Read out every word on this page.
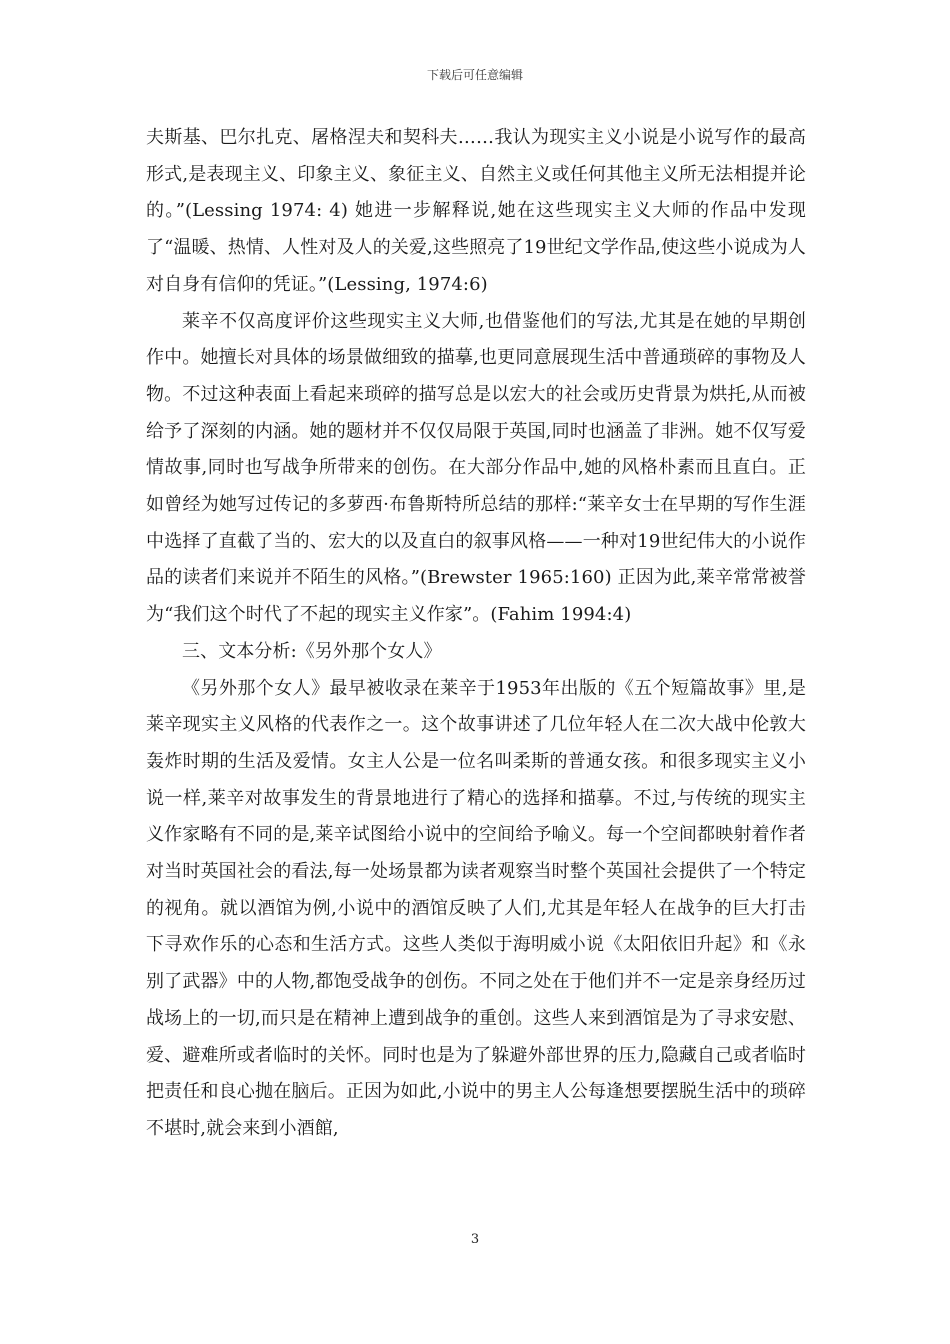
下载后可任意编辑

夫斯基、巴尔扎克、屠格涅夫和契科夫……我认为现实主义小说是小说写作的最高形式,是表现主义、印象主义、象征主义、自然主义或任何其他主义所无法相提并论的。”(Lessing 1974: 4) 她进一步解释说,她在这些现实主义大师的作品中发现了“温暖、热情、人性对及人的关爱,这些照亮了19世纪文学作品,使这些小说成为人对自身有信仰的凭证。”(Lessing, 1974:6)

莱辛不仅高度评价这些现实主义大师,也借鉴他们的写法,尤其是在她的早期创作中。她擅长对具体的场景做细致的描摹,也更同意展现生活中普通琐碎的事物及人物。不过这种表面上看起来琐碎的描写总是以宏大的社会或历史背景为烘托,从而被给予了深刻的内涵。她的题材并不仅仅局限于英国,同时也涵盖了非洲。她不仅写爱情故事,同时也写战争所带来的创伤。在大部分作品中,她的风格朴素而且直白。正如曾经为她写过传记的多萝西·布鲁斯特所总结的那样:“莱辛女士在早期的写作生涯中选择了直截了当的、宏大的以及直白的叙事风格——一种对19世纪伟大的小说作品的读者们来说并不陌生的风格。”(Brewster 1965:160) 正因为此,莱辛常常被誉为“我们这个时代了不起的现实主义作家”。(Fahim 1994:4)

三、文本分析:《另外那个女人》

《另外那个女人》最早被收录在莱辛于1953年出版的《五个短篇故事》里,是莱辛现实主义风格的代表作之一。这个故事讲述了几位年轻人在二次大战中伦敦大轰炸时期的生活及爱情。女主人公是一位名叫柔斯的普通女孩。和很多现实主义小说一样,莱辛对故事发生的背景地进行了精心的选择和描摹。不过,与传统的现实主义作家略有不同的是,莱辛试图给小说中的空间给予喻义。每一个空间都映射着作者对当时英国社会的看法,每一处场景都为读者观察当时整个英国社会提供了一个特定的视角。就以酒馆为例,小说中的酒馆反映了人们,尤其是年轻人在战争的巨大打击下寻欢作乐的心态和生活方式。这些人类似于海明威小说《太阳依旧升起》和《永别了武器》中的人物,都饱受战争的创伤。不同之处在于他们并不一定是亲身经历过战场上的一切,而只是在精神上遭到战争的重创。这些人来到酒馆是为了寻求安慰、爱、避难所或者临时的关怀。同时也是为了躲避外部世界的压力,隐藏自己或者临时把责任和良心抛在脑后。正因为如此,小说中的男主人公每逢想要摆脱生活中的琐碎不堪时,就会来到小酒館,

3
